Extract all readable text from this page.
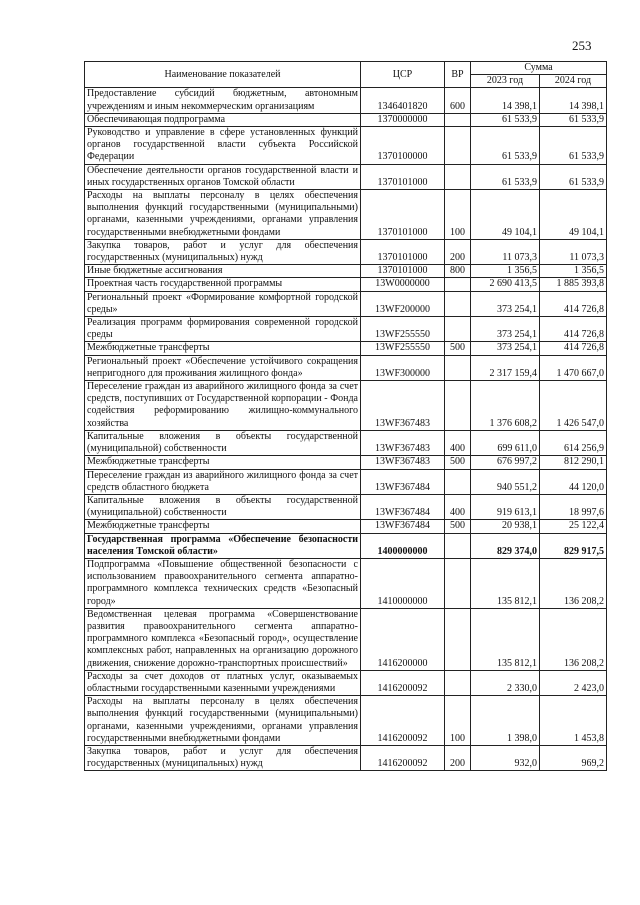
253
Наименование показателей	ЦСР	ВР	Сумма	
			2023 год	2024 год
Предоставление субсидий бюджетным, автономным учреждениям и иным некоммерческим организациям	1346401820	600	14 398,1	14 398,1
Обеспечивающая подпрограмма	1370000000		61 533,9	61 533,9
Руководство и управление в сфере установленных функций органов государственной власти субъекта Российской Федерации	1370100000		61 533,9	61 533,9
Обеспечение деятельности органов государственной власти и иных государственных органов Томской области	1370101000		61 533,9	61 533,9
Расходы на выплаты персоналу в целях обеспечения выполнения функций государственными (муниципальными) органами, казенными учреждениями, органами управления государственными внебюджетными фондами	1370101000	100	49 104,1	49 104,1
Закупка товаров, работ и услуг для обеспечения государственных (муниципальных) нужд	1370101000	200	11 073,3	11 073,3
Иные бюджетные ассигнования	1370101000	800	1 356,5	1 356,5
Проектная часть государственной программы	13W0000000		2 690 413,5	1 885 393,8
Региональный проект «Формирование комфортной городской среды»	13WF200000		373 254,1	414 726,8
Реализация программ формирования современной городской среды	13WF255550		373 254,1	414 726,8
Межбюджетные трансферты	13WF255550	500	373 254,1	414 726,8
Региональный проект «Обеспечение устойчивого сокращения непригодного для проживания жилищного фонда»	13WF300000		2 317 159,4	1 470 667,0
Переселение граждан из аварийного жилищного фонда за счет средств, поступивших от Государственной корпорации - Фонда содействия реформированию жилищно-коммунального хозяйства	13WF367483		1 376 608,2	1 426 547,0
Капитальные вложения в объекты государственной (муниципальной) собственности	13WF367483	400	699 611,0	614 256,9
Межбюджетные трансферты	13WF367483	500	676 997,2	812 290,1
Переселение граждан из аварийного жилищного фонда за счет средств областного бюджета	13WF367484		940 551,2	44 120,0
Капитальные вложения в объекты государственной (муниципальной) собственности	13WF367484	400	919 613,1	18 997,6
Межбюджетные трансферты	13WF367484	500	20 938,1	25 122,4
Государственная программа «Обеспечение безопасности населения Томской области»	1400000000		829 374,0	829 917,5
Подпрограмма «Повышение общественной безопасности с использованием правоохранительного сегмента аппаратно-программного комплекса технических средств «Безопасный город»	1410000000		135 812,1	136 208,2
Ведомственная целевая программа «Совершенствование развития правоохранительного сегмента аппаратно-программного комплекса «Безопасный город», осуществление комплексных работ, направленных на организацию дорожного движения, снижение дорожно-транспортных происшествий»	1416200000		135 812,1	136 208,2
Расходы за счет доходов от платных услуг, оказываемых областными государственными казенными учреждениями	1416200092		2 330,0	2 423,0
Расходы на выплаты персоналу в целях обеспечения выполнения функций государственными (муниципальными) органами, казенными учреждениями, органами управления государственными внебюджетными фондами	1416200092	100	1 398,0	1 453,8
Закупка товаров, работ и услуг для обеспечения государственных (муниципальных) нужд	1416200092	200	932,0	969,2
